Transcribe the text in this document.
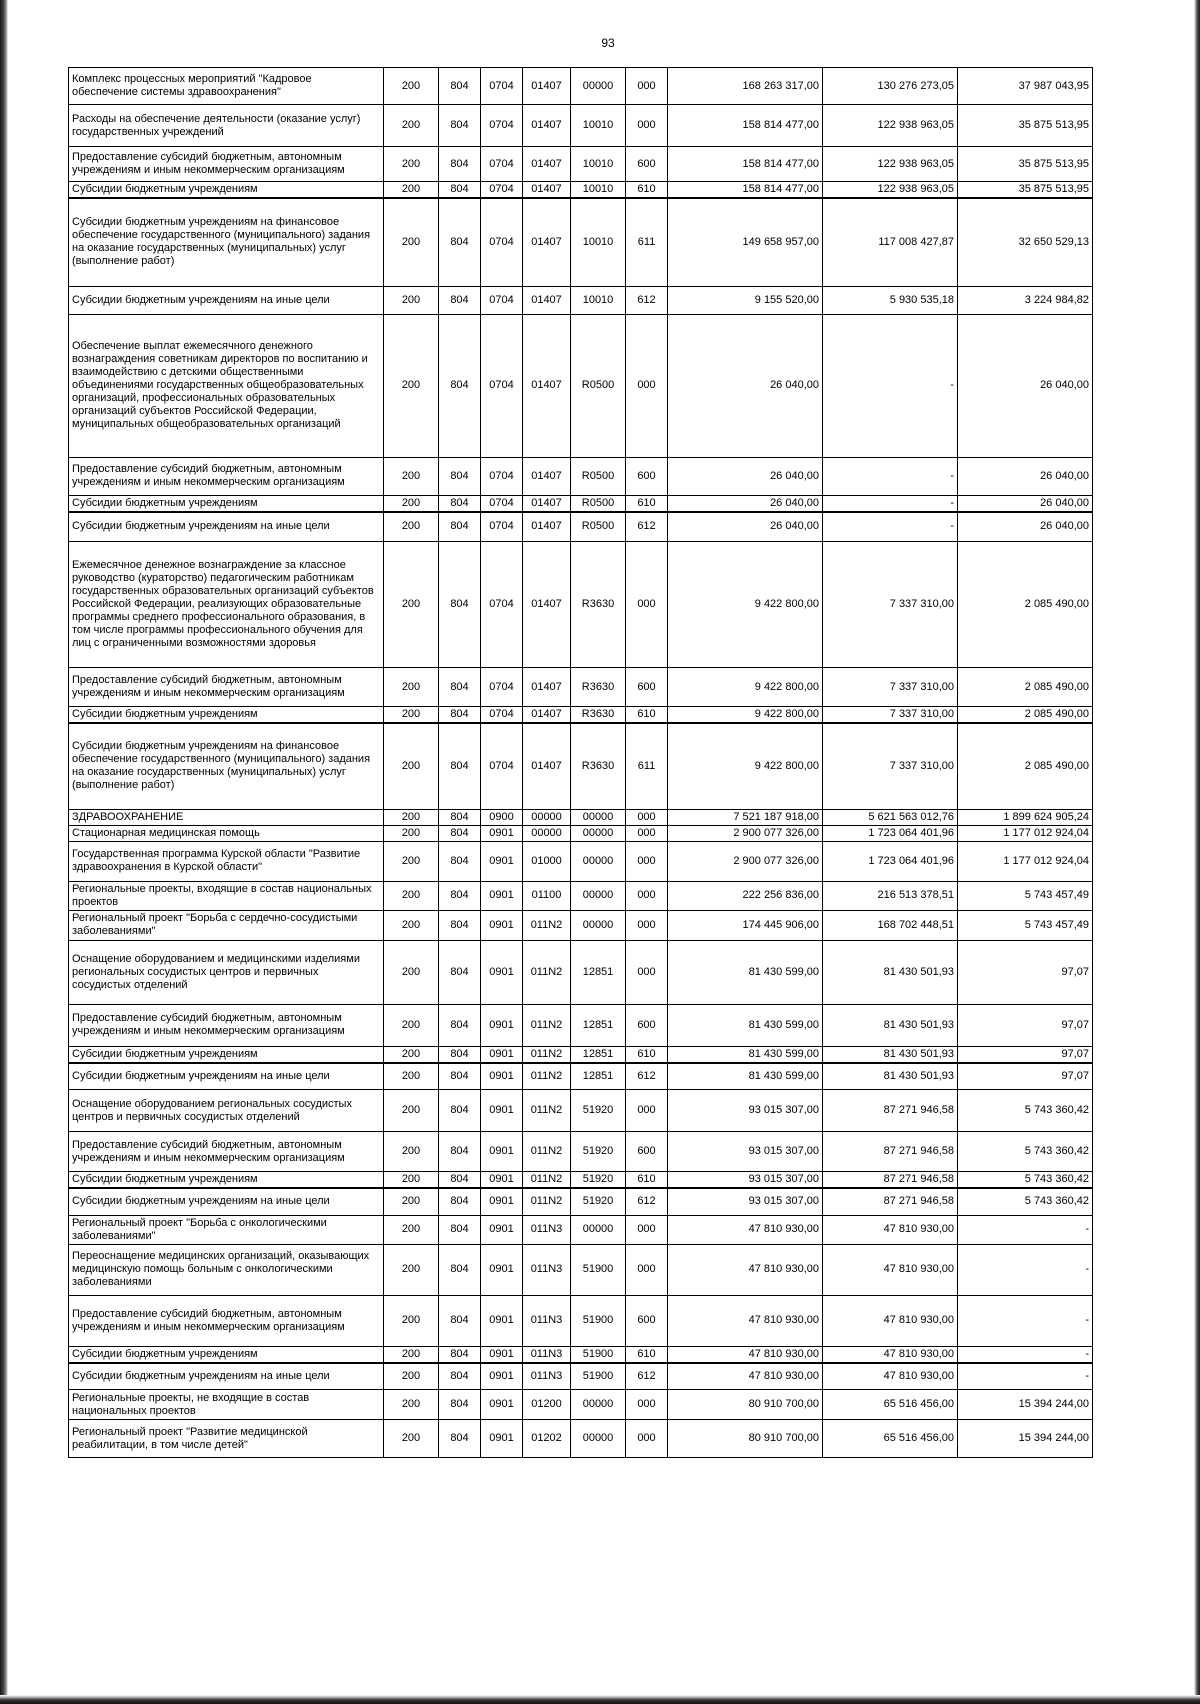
93
Комплекс процессных мероприятий "Кадровое обеспечение системы здравоохранения"	200	804	0704	01407	00000	000	168 263 317,00	130 276 273,05	37 987 043,95
Расходы на обеспечение деятельности (оказание услуг) государственных учреждений	200	804	0704	01407	10010	000	158 814 477,00	122 938 963,05	35 875 513,95
Предоставление субсидий бюджетным, автономным учреждениям и иным некоммерческим организациям	200	804	0704	01407	10010	600	158 814 477,00	122 938 963,05	35 875 513,95
Субсидии бюджетным учреждениям	200	804	0704	01407	10010	610	158 814 477,00	122 938 963,05	35 875 513,95
Субсидии бюджетным учреждениям на финансовое обеспечение государственного (муниципального) задания на оказание государственных (муниципальных) услуг (выполнение работ)	200	804	0704	01407	10010	611	149 658 957,00	117 008 427,87	32 650 529,13
Субсидии бюджетным учреждениям на иные цели	200	804	0704	01407	10010	612	9 155 520,00	5 930 535,18	3 224 984,82
Обеспечение выплат ежемесячного денежного вознаграждения советникам директоров по воспитанию и взаимодействию с детскими общественными объединениями государственных общеобразовательных организаций, профессиональных образовательных организаций субъектов Российской Федерации, муниципальных общеобразовательных организаций	200	804	0704	01407	R0500	000	26 040,00	-	26 040,00
Предоставление субсидий бюджетным, автономным учреждениям и иным некоммерческим организациям	200	804	0704	01407	R0500	600	26 040,00	-	26 040,00
Субсидии бюджетным учреждениям	200	804	0704	01407	R0500	610	26 040,00	-	26 040,00
Субсидии бюджетным учреждениям на иные цели	200	804	0704	01407	R0500	612	26 040,00	-	26 040,00
Ежемесячное денежное вознаграждение за классное руководство (кураторство) педагогическим работникам государственных образовательных организаций субъектов Российской Федерации, реализующих образовательные программы среднего профессионального образования, в том числе программы профессионального обучения для лиц с ограниченными возможностями здоровья	200	804	0704	01407	R3630	000	9 422 800,00	7 337 310,00	2 085 490,00
Предоставление субсидий бюджетным, автономным учреждениям и иным некоммерческим организациям	200	804	0704	01407	R3630	600	9 422 800,00	7 337 310,00	2 085 490,00
Субсидии бюджетным учреждениям	200	804	0704	01407	R3630	610	9 422 800,00	7 337 310,00	2 085 490,00
Субсидии бюджетным учреждениям на финансовое обеспечение государственного (муниципального) задания на оказание государственных (муниципальных) услуг (выполнение работ)	200	804	0704	01407	R3630	611	9 422 800,00	7 337 310,00	2 085 490,00
ЗДРАВООХРАНЕНИЕ	200	804	0900	00000	00000	000	7 521 187 918,00	5 621 563 012,76	1 899 624 905,24
Стационарная медицинская помощь	200	804	0901	00000	00000	000	2 900 077 326,00	1 723 064 401,96	1 177 012 924,04
Государственная программа Курской области "Развитие здравоохранения в Курской области"	200	804	0901	01000	00000	000	2 900 077 326,00	1 723 064 401,96	1 177 012 924,04
Региональные проекты, входящие в состав национальных проектов	200	804	0901	01100	00000	000	222 256 836,00	216 513 378,51	5 743 457,49
Региональный проект "Борьба с сердечно-сосудистыми заболеваниями"	200	804	0901	011N2	00000	000	174 445 906,00	168 702 448,51	5 743 457,49
Оснащение оборудованием и медицинскими изделиями региональных сосудистых центров и первичных сосудистых отделений	200	804	0901	011N2	12851	000	81 430 599,00	81 430 501,93	97,07
Предоставление субсидий бюджетным, автономным учреждениям и иным некоммерческим организациям	200	804	0901	011N2	12851	600	81 430 599,00	81 430 501,93	97,07
Субсидии бюджетным учреждениям	200	804	0901	011N2	12851	610	81 430 599,00	81 430 501,93	97,07
Субсидии бюджетным учреждениям на иные цели	200	804	0901	011N2	12851	612	81 430 599,00	81 430 501,93	97,07
Оснащение оборудованием региональных сосудистых центров и первичных сосудистых отделений	200	804	0901	011N2	51920	000	93 015 307,00	87 271 946,58	5 743 360,42
Предоставление субсидий бюджетным, автономным учреждениям и иным некоммерческим организациям	200	804	0901	011N2	51920	600	93 015 307,00	87 271 946,58	5 743 360,42
Субсидии бюджетным учреждениям	200	804	0901	011N2	51920	610	93 015 307,00	87 271 946,58	5 743 360,42
Субсидии бюджетным учреждениям на иные цели	200	804	0901	011N2	51920	612	93 015 307,00	87 271 946,58	5 743 360,42
Региональный проект "Борьба с онкологическими заболеваниями"	200	804	0901	011N3	00000	000	47 810 930,00	47 810 930,00	-
Переоснащение медицинских организаций, оказывающих медицинскую помощь больным с онкологическими заболеваниями	200	804	0901	011N3	51900	000	47 810 930,00	47 810 930,00	-
Предоставление субсидий бюджетным, автономным учреждениям и иным некоммерческим организациям	200	804	0901	011N3	51900	600	47 810 930,00	47 810 930,00	-
Субсидии бюджетным учреждениям	200	804	0901	011N3	51900	610	47 810 930,00	47 810 930,00	-
Субсидии бюджетным учреждениям на иные цели	200	804	0901	011N3	51900	612	47 810 930,00	47 810 930,00	-
Региональные проекты, не входящие в состав национальных проектов	200	804	0901	01200	00000	000	80 910 700,00	65 516 456,00	15 394 244,00
Региональный проект "Развитие медицинской реабилитации, в том числе детей"	200	804	0901	01202	00000	000	80 910 700,00	65 516 456,00	15 394 244,00
